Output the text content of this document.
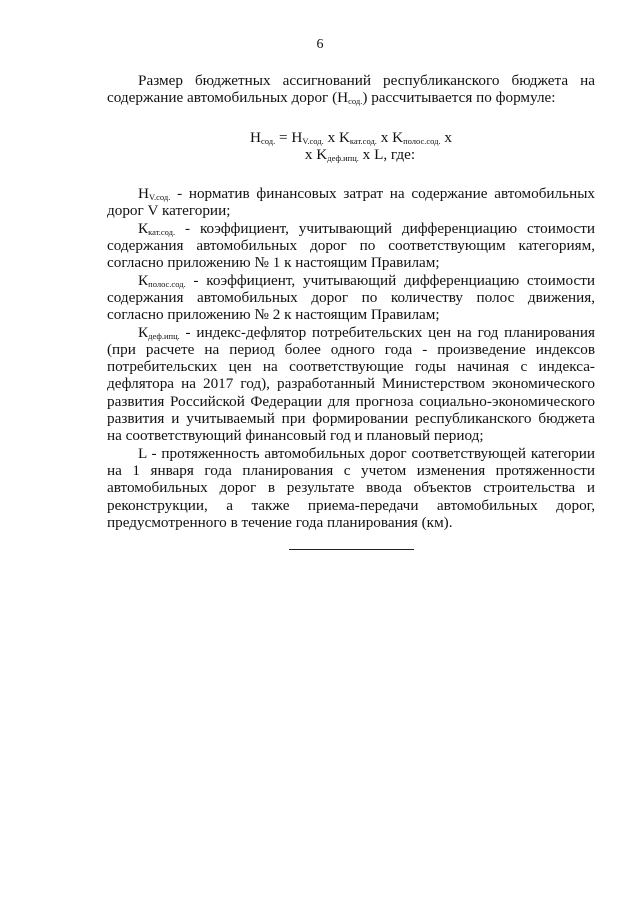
6

Размер бюджетных ассигнований республиканского бюджета на содержание автомобильных дорог $(Н_{сод.})$ рассчитывается по формуле:

$Н_{сод.} = Н_{V.сод.}$ x $K_{кат.сод.}$ x $K_{полос.сод.}$ x
x $K_{деф.ипц.}$ x L, где:

$Н_{V.сод.}$ - норматив финансовых затрат на содержание автомобильных дорог V категории;

$К_{кат.сод.}$ - коэффициент, учитывающий дифференциацию стоимости содержания автомобильных дорог по соответствующим категориям, согласно приложению № 1 к настоящим Правилам;

$К_{полос.сод.}$ - коэффициент, учитывающий дифференциацию стоимости содержания автомобильных дорог по количеству полос движения, согласно приложению № 2 к настоящим Правилам;

$К_{деф.ипц.}$ - индекс-дефлятор потребительских цен на год планирования (при расчете на период более одного года - произведение индексов потребительских цен на соответствующие годы начиная с индекса-дефлятора на 2017 год), разработанный Министерством экономического развития Российской Федерации для прогноза социально-экономического развития и учитываемый при формировании республиканского бюджета на соответствующий финансовый год и плановый период;

L - протяженность автомобильных дорог соответствующей категории на 1 января года планирования с учетом изменения протяженности автомобильных дорог в результате ввода объектов строительства и реконструкции, а также приема-передачи автомобильных дорог, предусмотренного в течение года планирования (км).
